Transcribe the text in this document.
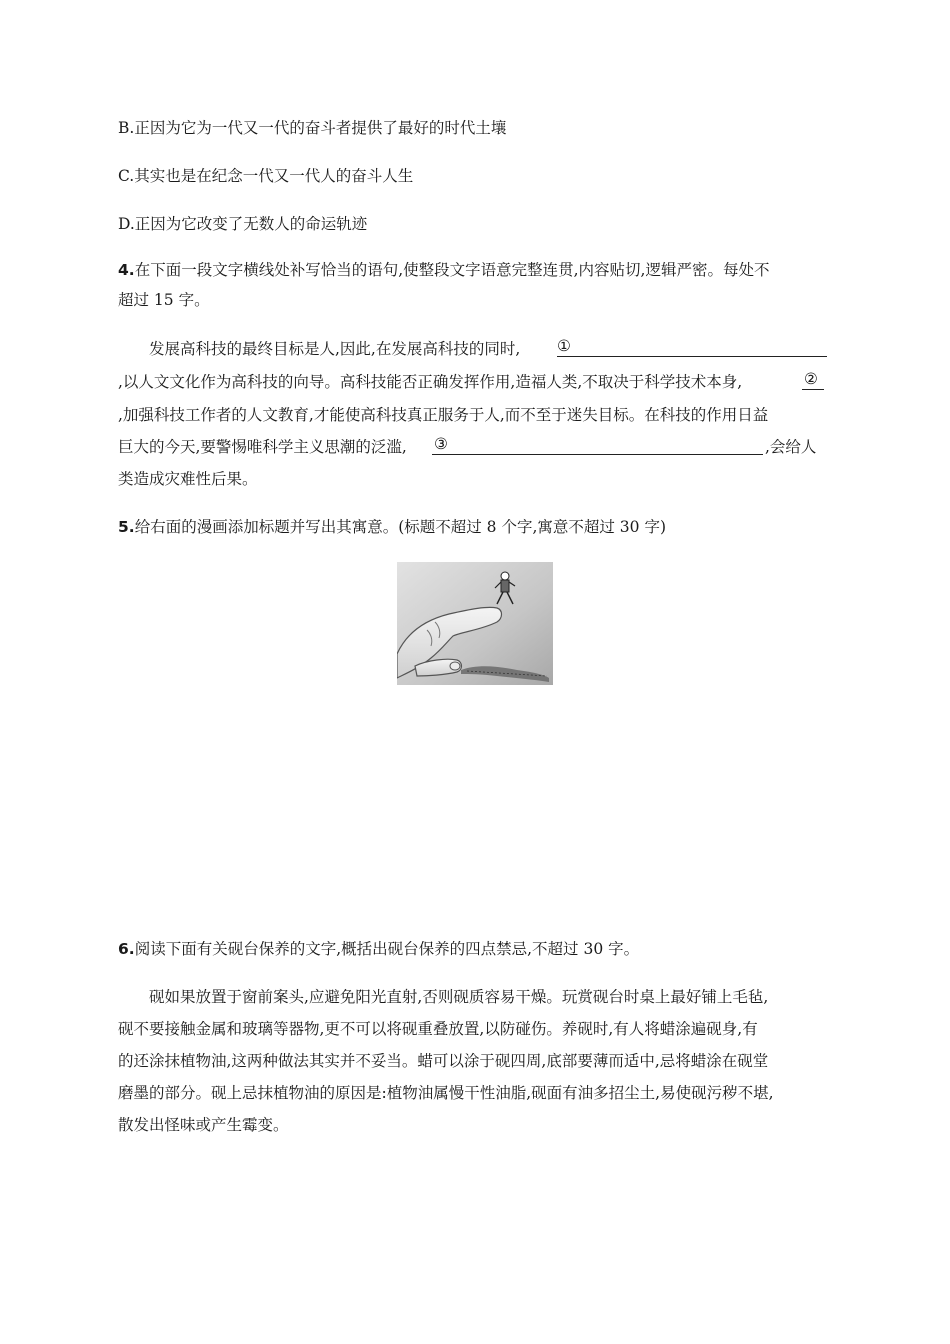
B.正因为它为一代又一代的奋斗者提供了最好的时代土壤
C.其实也是在纪念一代又一代人的奋斗人生
D.正因为它改变了无数人的命运轨迹
4.在下面一段文字横线处补写恰当的语句,使整段文字语意完整连贯,内容贴切,逻辑严密。每处不
超过 15 字。
发展高科技的最终目标是人,因此,在发展高科技的同时, ①
,以人文文化作为高科技的向导。高科技能否正确发挥作用,造福人类,不取决于科学技术本身,	②
,加强科技工作者的人文教育,才能使高科技真正服务于人,而不至于迷失目标。在科技的作用日益
巨大的今天,要警惕唯科学主义思潮的泛滥, ③	,会给人
类造成灾难性后果。
5.给右面的漫画添加标题并写出其寓意。(标题不超过 8 个字,寓意不超过 30 字)
6.阅读下面有关砚台保养的文字,概括出砚台保养的四点禁忌,不超过 30 字。
砚如果放置于窗前案头,应避免阳光直射,否则砚质容易干燥。玩赏砚台时桌上最好铺上毛毡,
砚不要接触金属和玻璃等器物,更不可以将砚重叠放置,以防碰伤。养砚时,有人将蜡涂遍砚身,有
的还涂抹植物油,这两种做法其实并不妥当。蜡可以涂于砚四周,底部要薄而适中,忌将蜡涂在砚堂
磨墨的部分。砚上忌抹植物油的原因是:植物油属慢干性油脂,砚面有油多招尘土,易使砚污秽不堪,
散发出怪味或产生霉变。
